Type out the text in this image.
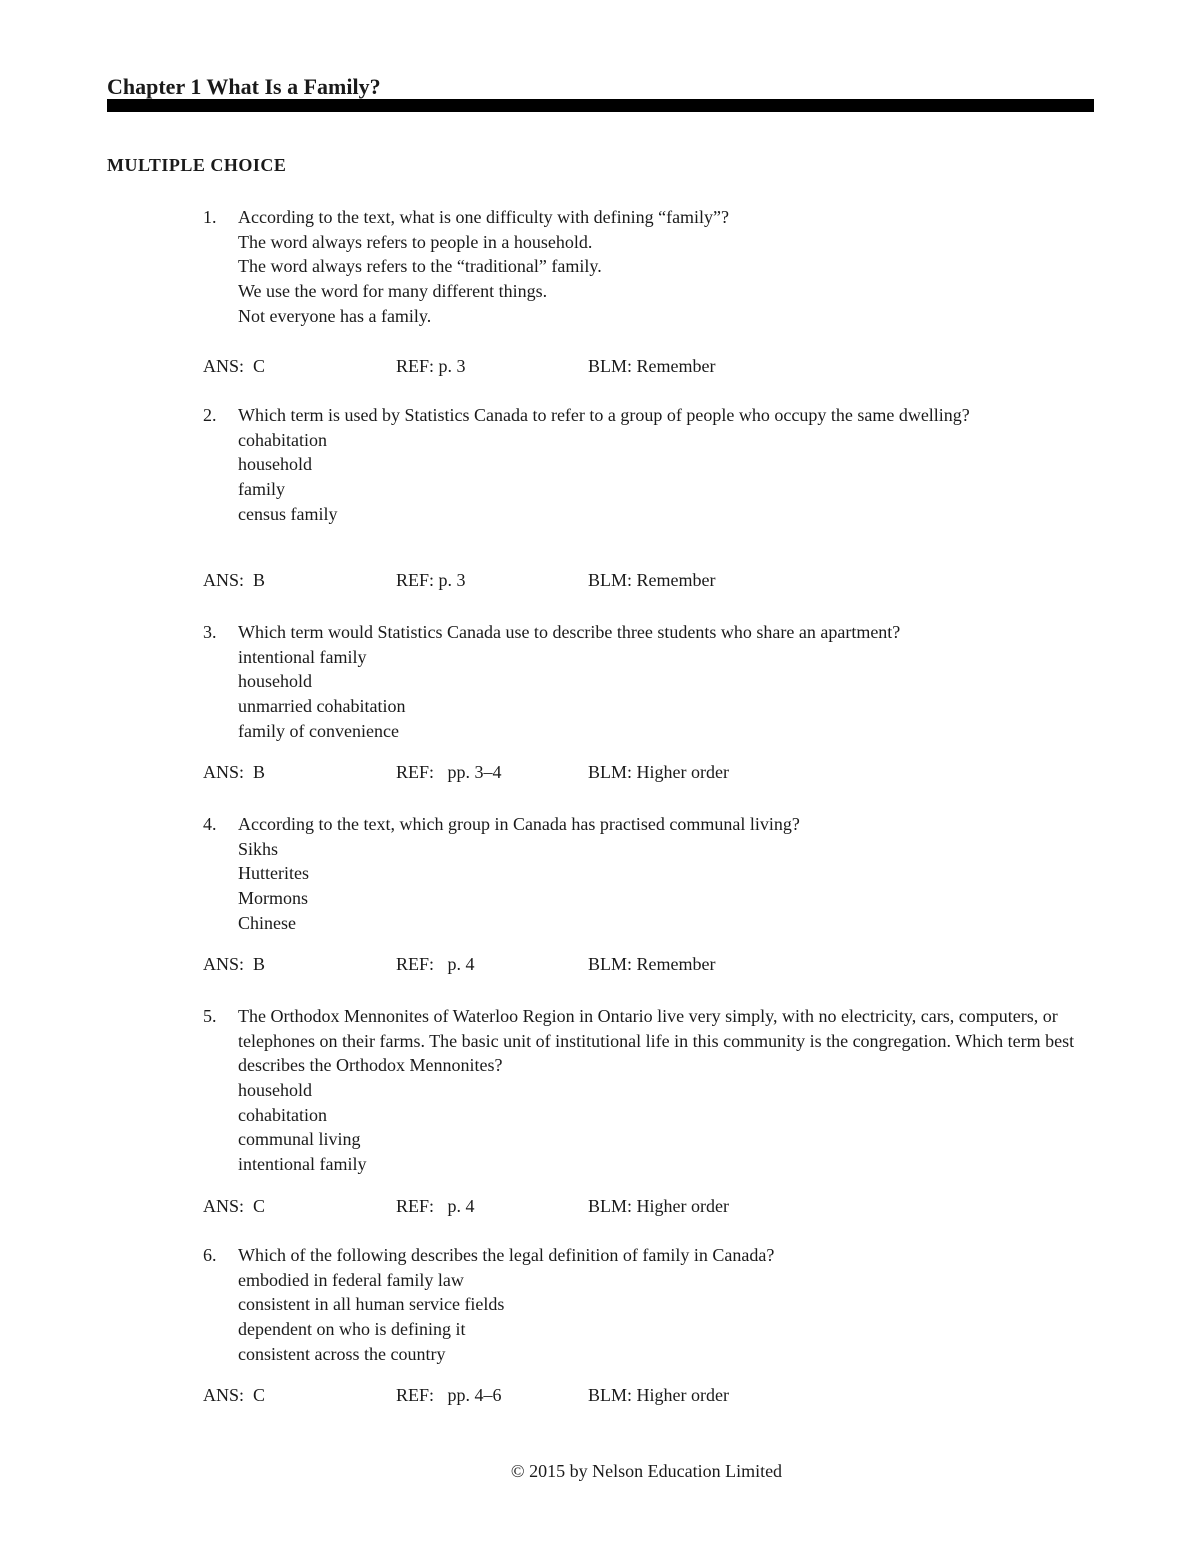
Chapter 1 What Is a Family?
MULTIPLE CHOICE
1.	According to the text, what is one difficulty with defining “family”?
The word always refers to people in a household.
The word always refers to the “traditional” family.
We use the word for many different things.
Not everyone has a family.
ANS:  C	REF: p. 3	BLM: Remember
2.	Which term is used by Statistics Canada to refer to a group of people who occupy the same dwelling?
cohabitation
household
family
census family
ANS:  B	REF: p. 3	BLM: Remember
3.	Which term would Statistics Canada use to describe three students who share an apartment?
intentional family
household
unmarried cohabitation
family of convenience
ANS:  B	REF:   pp. 3–4	BLM: Higher order
4.	According to the text, which group in Canada has practised communal living?
Sikhs
Hutterites
Mormons
Chinese
ANS:  B	REF:   p. 4	BLM: Remember
5.	The Orthodox Mennonites of Waterloo Region in Ontario live very simply, with no electricity, cars, computers, or telephones on their farms. The basic unit of institutional life in this community is the congregation. Which term best describes the Orthodox Mennonites?
household
cohabitation
communal living
intentional family
ANS:  C	REF:   p. 4	BLM: Higher order
6.	Which of the following describes the legal definition of family in Canada?
embodied in federal family law
consistent in all human service fields
dependent on who is defining it
consistent across the country
ANS:  C	REF:   pp. 4–6	BLM: Higher order
© 2015 by Nelson Education Limited
